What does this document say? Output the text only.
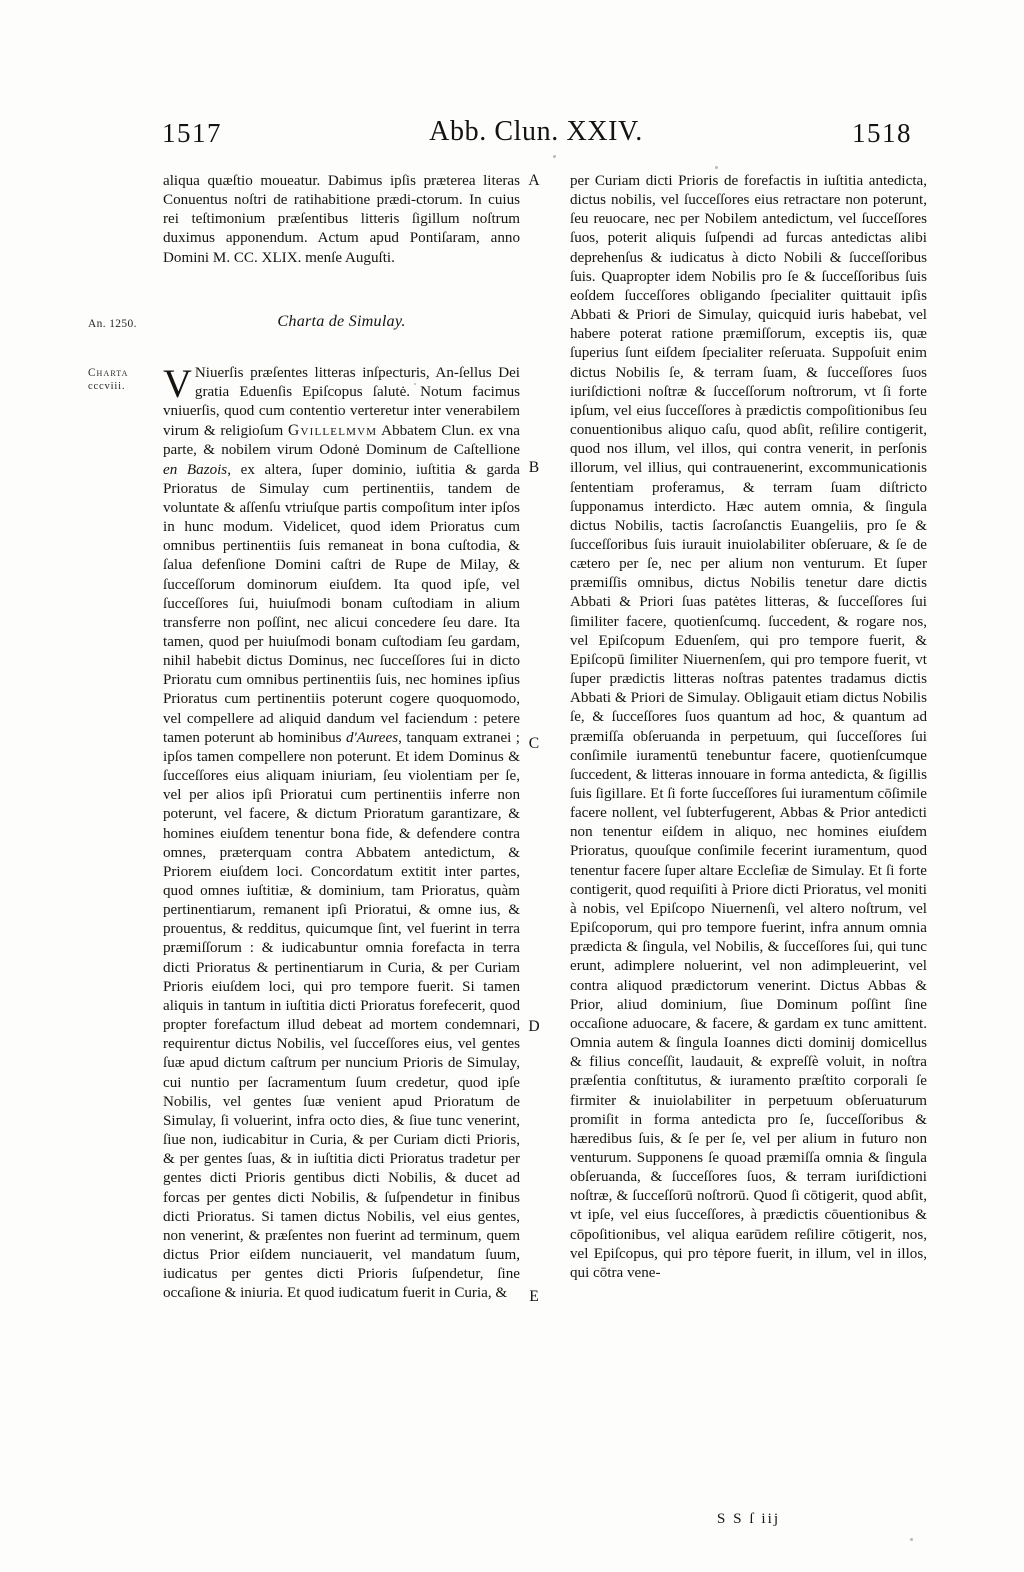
1517	Abb. Clun. XXIV.	1518
An. 1250.
Charta
cccviii.
Charta de Simulay.
A
B
C
D
E

aliqua quæſtio moueatur. Dabimus ipſis præterea literas Conuentus noſtri de ratihabitione prædi-ctorum. In cuius rei teſtimonium præſentibus litteris ſigillum noſtrum duximus apponendum. Actum apud Pontiſaram, anno Domini M. CC. XLIX. menſe Auguſti.

V Niuerſis præſentes litteras inſpecturis, An-ſellus Dei gratia Eduenſis Epiſcopus ſalutė. Notum facimus vniuerſis, quod cum contentio verteretur inter venerabilem virum & religioſum Gvillelmvm Abbatem Clun. ex vna parte, & nobilem virum Odonė Dominum de Caſtellione en Bazois, ex altera, ſuper dominio, iuſtitia & garda Prioratus de Simulay cum pertinentiis, tandem de voluntate & aſſenſu vtriuſque partis compoſitum inter ipſos in hunc modum. Videlicet, quod idem Prioratus cum omnibus pertinentiis ſuis remaneat in bona cuſtodia, & ſalua defenſione Domini caſtri de Rupe de Milay, & ſucceſſorum dominorum eiuſdem. Ita quod ipſe, vel ſucceſſores ſui, huiuſmodi bonam cuſtodiam in alium transferre non poſſint, nec alicui concedere ſeu dare. Ita tamen, quod per huiuſmodi bonam cuſtodiam ſeu gardam, nihil habebit dictus Dominus, nec ſucceſſores ſui in dicto Prioratu cum omnibus pertinentiis ſuis, nec homines ipſius Prioratus cum pertinentiis poterunt cogere quoquomodo, vel compellere ad aliquid dandum vel faciendum : petere tamen poterunt ab hominibus d'Aurees, tanquam extranei ; ipſos tamen compellere non poterunt. Et idem Dominus & ſucceſſores eius aliquam iniuriam, ſeu violentiam per ſe, vel per alios ipſi Prioratui cum pertinentiis inferre non poterunt, vel facere, & dictum Prioratum garantizare, & homines eiuſdem tenentur bona fide, & defendere contra omnes, præterquam contra Abbatem antedictum, & Priorem eiuſdem loci. Concordatum extitit inter partes, quod omnes iuſtitiæ, & dominium, tam Prioratus, quàm pertinentiarum, remanent ipſi Prioratui, & omne ius, & prouentus, & redditus, quicumque ſint, vel fuerint in terra præmiſſorum : & iudicabuntur omnia forefacta in terra dicti Prioratus & pertinentiarum in Curia, & per Curiam Prioris eiuſdem loci, qui pro tempore fuerit. Si tamen aliquis in tantum in iuſtitia dicti Prioratus forefecerit, quod propter forefactum illud debeat ad mortem condemnari, requirentur dictus Nobilis, vel ſucceſſores eius, vel gentes ſuæ apud dictum caſtrum per nuncium Prioris de Simulay, cui nuntio per ſacramentum ſuum credetur, quod ipſe Nobilis, vel gentes ſuæ venient apud Prioratum de Simulay, ſi voluerint, infra octo dies, & ſiue tunc venerint, ſiue non, iudicabitur in Curia, & per Curiam dicti Prioris, & per gentes ſuas, & in iuſtitia dicti Prioratus tradetur per gentes dicti Prioris gentibus dicti Nobilis, & ducet ad forcas per gentes dicti Nobilis, & ſuſpendetur in finibus dicti Prioratus. Si tamen dictus Nobilis, vel eius gentes, non venerint, & præſentes non fuerint ad terminum, quem dictus Prior eiſdem nunciauerit, vel mandatum ſuum, iudicatus per gentes dicti Prioris ſuſpendetur, ſine occaſione & iniuria. Et quod iudicatum fuerit in Curia, &

per Curiam dicti Prioris de forefactis in iuſtitia antedicta, dictus nobilis, vel ſucceſſores eius retractare non poterunt, ſeu reuocare, nec per Nobilem antedictum, vel ſucceſſores ſuos, poterit aliquis ſuſpendi ad furcas antedictas alibi deprehenſus & iudicatus à dicto Nobili & ſucceſſoribus ſuis. Quapropter idem Nobilis pro ſe & ſucceſſoribus ſuis eoſdem ſucceſſores obligando ſpecialiter quittauit ipſis Abbati & Priori de Simulay, quicquid iuris habebat, vel habere poterat ratione præmiſſorum, exceptis iis, quæ ſuperius ſunt eiſdem ſpecialiter reſeruata. Suppoſuit enim dictus Nobilis ſe, & terram ſuam, & ſucceſſores ſuos iuriſdictioni noſtræ & ſucceſſorum noſtrorum, vt ſi forte ipſum, vel eius ſucceſſores à prædictis compoſitionibus ſeu conuentionibus aliquo caſu, quod abſit, reſilire contigerit, quod nos illum, vel illos, qui contra venerit, in perſonis illorum, vel illius, qui contrauenerint, excommunicationis ſententiam proferamus, & terram ſuam diſtricto ſupponamus interdicto. Hæc autem omnia, & ſingula dictus Nobilis, tactis ſacroſanctis Euangeliis, pro ſe & ſucceſſoribus ſuis iurauit inuiolabiliter obſeruare, & ſe de cætero per ſe, nec per alium non venturum. Et ſuper præmiſſis omnibus, dictus Nobilis tenetur dare dictis Abbati & Priori ſuas patėtes litteras, & ſucceſſores ſui ſimiliter facere, quotienſcumq. ſuccedent, & rogare nos, vel Epiſcopum Eduenſem, qui pro tempore fuerit, & Epiſcopū ſimiliter Niuernenſem, qui pro tempore fuerit, vt ſuper prædictis litteras noſtras patentes tradamus dictis Abbati & Priori de Simulay. Obligauit etiam dictus Nobilis ſe, & ſucceſſores ſuos quantum ad hoc, & quantum ad præmiſſa obſeruanda in perpetuum, qui ſucceſſores ſui conſimile iuramentū tenebuntur facere, quotienſcumque ſuccedent, & litteras innouare in forma antedicta, & ſigillis ſuis ſigillare. Et ſi forte ſucceſſores ſui iuramentum cōſimile facere nollent, vel ſubterfugerent, Abbas & Prior antedicti non tenentur eiſdem in aliquo, nec homines eiuſdem Prioratus, quouſque conſimile fecerint iuramentum, quod tenentur facere ſuper altare Eccleſiæ de Simulay. Et ſi forte contigerit, quod requiſiti à Priore dicti Prioratus, vel moniti à nobis, vel Epiſcopo Niuernenſi, vel altero noſtrum, vel Epiſcoporum, qui pro tempore fuerint, infra annum omnia prædicta & ſingula, vel Nobilis, & ſucceſſores ſui, qui tunc erunt, adimplere noluerint, vel non adimpleuerint, vel contra aliquod prædictorum venerint. Dictus Abbas & Prior, aliud dominium, ſiue Dominum poſſint ſine occaſione aduocare, & facere, & gardam ex tunc amittent. Omnia autem & ſingula Ioannes dicti dominij domicellus & filius conceſſit, laudauit, & expreſſè voluit, in noſtra præſentia conſtitutus, & iuramento præſtito corporali ſe firmiter & inuiolabiliter in perpetuum obſeruaturum promiſit in forma antedicta pro ſe, ſucceſſoribus & hæredibus ſuis, & ſe per ſe, vel per alium in futuro non venturum. Supponens ſe quoad præmiſſa omnia & ſingula obſeruanda, & ſucceſſores ſuos, & terram iuriſdictioni noſtræ, & ſucceſſorū noſtrorū. Quod ſi cōtigerit, quod abſit, vt ipſe, vel eius ſucceſſores, à prædictis cōuentionibus & cōpoſitionibus, vel aliqua earūdem reſilire cōtigerit, nos, vel Epiſcopus, qui pro tėpore fuerit, in illum, vel in illos, qui cōtra vene-

S S ſ iij
